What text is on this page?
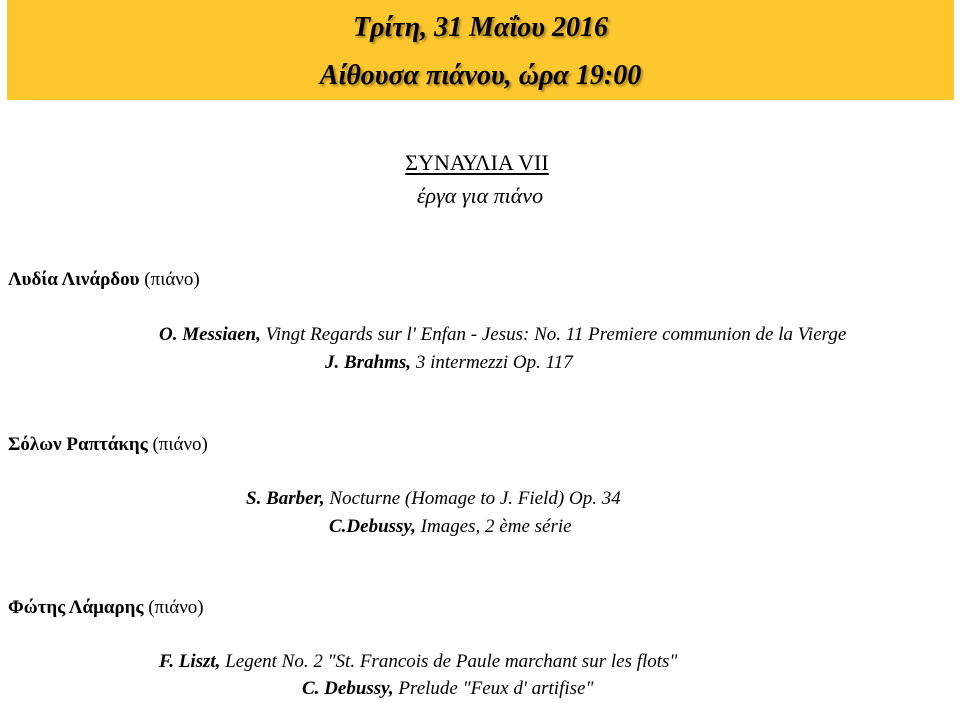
Τρίτη, 31 Μαΐου 2016
Αίθουσα πιάνου, ώρα 19:00
ΣΥΝΑΥΛΙΑ VII
έργα για πιάνο
Λυδία Λινάρδου (πιάνο)
O. Messiaen, Vingt Regards sur l' Enfan - Jesus: No. 11 Premiere communion de la Vierge
J. Brahms, 3 intermezzi Op. 117
Σόλων Ραπτάκης (πιάνο)
S. Barber, Nocturne (Homage to J. Field) Op. 34
C.Debussy, Images, 2 ème série
Φώτης Λάμαρης (πιάνο)
F. Liszt, Legent No. 2 "St. Francois de Paule marchant sur les flots"
C. Debussy, Prelude "Feux d' artifise"
